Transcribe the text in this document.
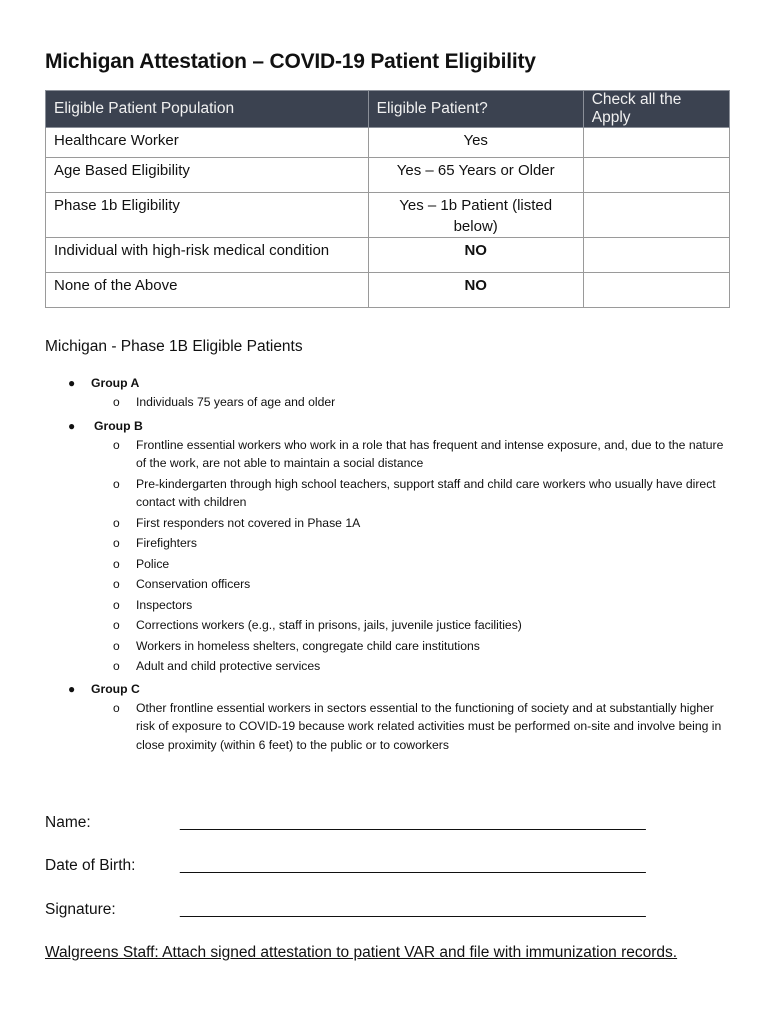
Michigan Attestation – COVID-19 Patient Eligibility
Eligible Patient Population	Eligible Patient?	Check all the Apply
Healthcare Worker	Yes	
Age Based Eligibility	Yes – 65 Years or Older	
Phase 1b Eligibility	Yes – 1b Patient (listed below)	
Individual with high-risk medical condition	NO	
None of the Above	NO	
Michigan - Phase 1B Eligible Patients
● Group A
o Individuals 75 years of age and older
● Group B
o Frontline essential workers who work in a role that has frequent and intense exposure, and, due to the nature of the work, are not able to maintain a social distance
o Pre-kindergarten through high school teachers, support staff and child care workers who usually have direct contact with children
o First responders not covered in Phase 1A
o Firefighters
o Police
o Conservation officers
o Inspectors
o Corrections workers (e.g., staff in prisons, jails, juvenile justice facilities)
o Workers in homeless shelters, congregate child care institutions
o Adult and child protective services
● Group C
o Other frontline essential workers in sectors essential to the functioning of society and at substantially higher risk of exposure to COVID-19 because work related activities must be performed on-site and involve being in close proximity (within 6 feet) to the public or to coworkers
Name:	__________________________________________________________
Date of Birth:	__________________________________________________________
Signature:	__________________________________________________________
Walgreens Staff: Attach signed attestation to patient VAR and file with immunization records.
